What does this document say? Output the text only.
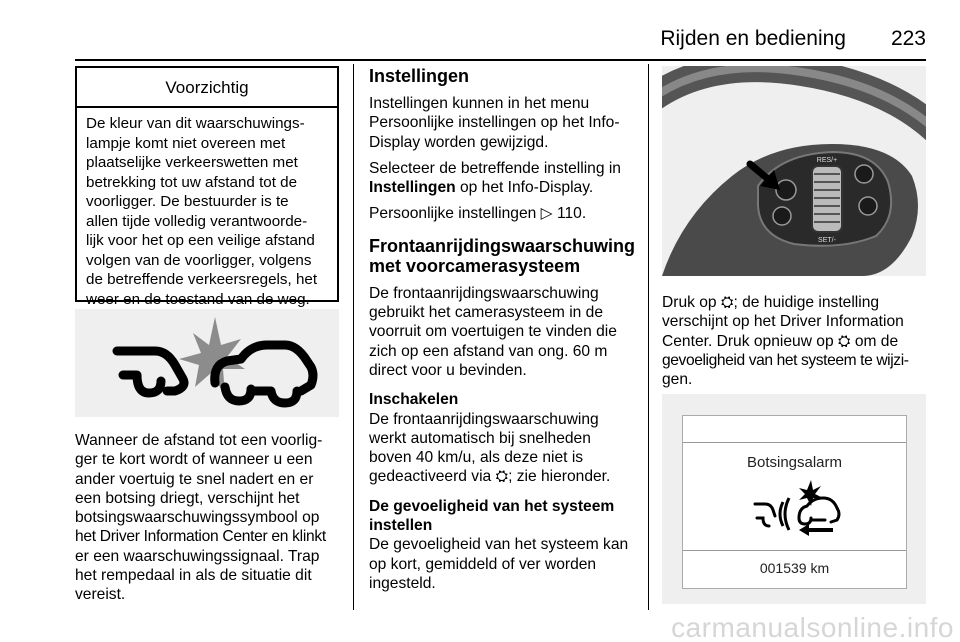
Rijden en bediening 223
Voorzichtig
De kleur van dit waarschuwings-
lampje komt niet overeen met
plaatselijke verkeerswetten met
betrekking tot uw afstand tot de
voorligger. De bestuurder is te
allen tijde volledig verantwoorde-
lijk voor het op een veilige afstand
volgen van de voorligger, volgens
de betreffende verkeersregels, het
weer en de toestand van de weg.
Wanneer de afstand tot een voorlig-
ger te kort wordt of wanneer u een
ander voertuig te snel nadert en er
een botsing driegt, verschijnt het
botsingswaarschuwingssymbool op
het Driver Information Center en klinkt
er een waarschuwingssignaal. Trap
het rempedaal in als de situatie dit
vereist.
Instellingen
Instellingen kunnen in het menu
Persoonlijke instellingen op het Info-
Display worden gewijzigd.
Selecteer de betreffende instelling in
Instellingen op het Info-Display.
Persoonlijke instellingen ▷ 110.
Frontaanrijdingswaarschuwing
met voorcamerasysteem
De frontaanrijdingswaarschuwing
gebruikt het camerasysteem in de
voorruit om voertuigen te vinden die
zich op een afstand van ong. 60 m
direct voor u bevinden.
Inschakelen
De frontaanrijdingswaarschuwing
werkt automatisch bij snelheden
boven 40 km/u, als deze niet is
gedeactiveerd via ⛭; zie hieronder.
De gevoeligheid van het systeem
instellen
De gevoeligheid van het systeem kan
op kort, gemiddeld of ver worden
ingesteld.
RES/+
SET/-
Druk op ⛭; de huidige instelling
verschijnt op het Driver Information
Center. Druk opnieuw op ⛭ om de
gevoeligheid van het systeem te wijzi-
gen.
Botsingsalarm
001539 km
carmanualsonline.info
